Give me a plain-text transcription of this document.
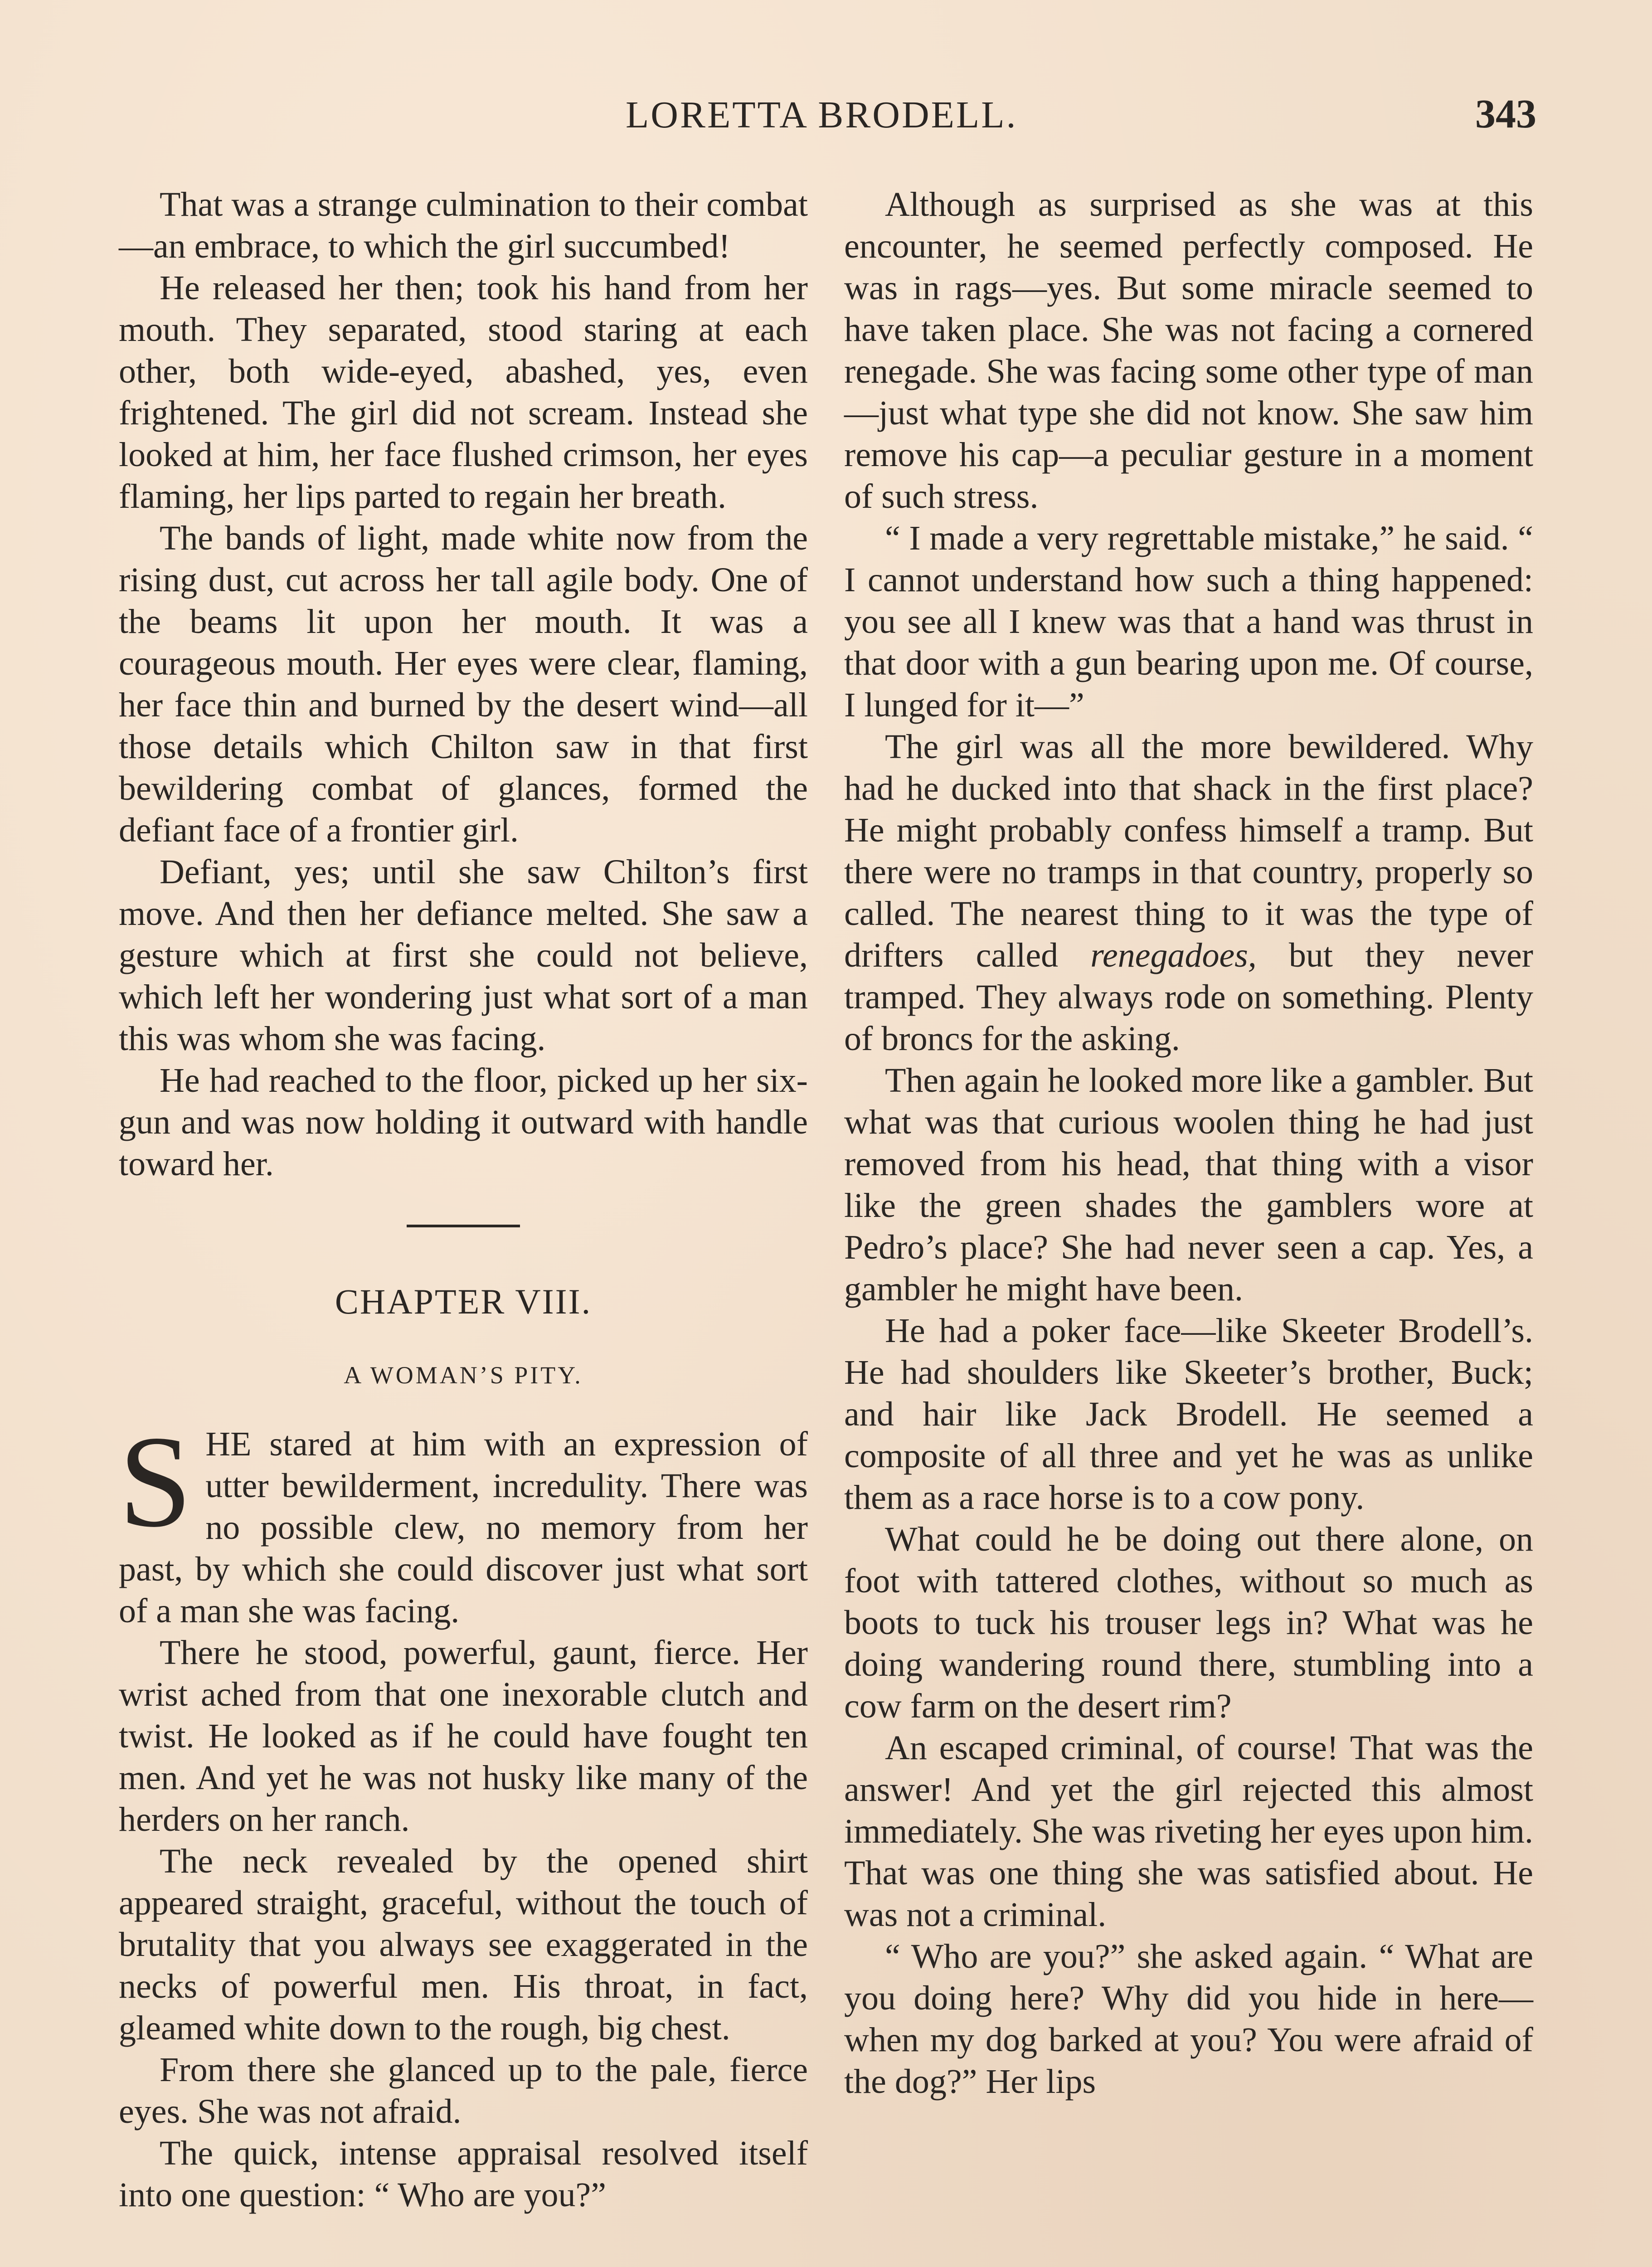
LORETTA BRODELL.	343

That was a strange culmination to their combat—an embrace, to which the girl succumbed!

He released her then; took his hand from her mouth. They separated, stood staring at each other, both wide-eyed, abashed, yes, even frightened. The girl did not scream. Instead she looked at him, her face flushed crimson, her eyes flaming, her lips parted to regain her breath.

The bands of light, made white now from the rising dust, cut across her tall agile body. One of the beams lit upon her mouth. It was a courageous mouth. Her eyes were clear, flaming, her face thin and burned by the desert wind—all those details which Chilton saw in that first bewildering combat of glances, formed the defiant face of a frontier girl.

Defiant, yes; until she saw Chilton’s first move. And then her defiance melted. She saw a gesture which at first she could not believe, which left her wondering just what sort of a man this was whom she was facing.

He had reached to the floor, picked up her six-gun and was now holding it outward with handle toward her.

CHAPTER VIII.
A WOMAN’S PITY.

SHE stared at him with an expression of utter bewilderment, incredulity. There was no possible clew, no memory from her past, by which she could discover just what sort of a man she was facing.

There he stood, powerful, gaunt, fierce. Her wrist ached from that one inexorable clutch and twist. He looked as if he could have fought ten men. And yet he was not husky like many of the herders on her ranch.

The neck revealed by the opened shirt appeared straight, graceful, without the touch of brutality that you always see exaggerated in the necks of powerful men. His throat, in fact, gleamed white down to the rough, big chest.

From there she glanced up to the pale, fierce eyes. She was not afraid.

The quick, intense appraisal resolved itself into one question: “ Who are you?”

Although as surprised as she was at this encounter, he seemed perfectly composed. He was in rags—yes. But some miracle seemed to have taken place. She was not facing a cornered renegade. She was facing some other type of man—just what type she did not know. She saw him remove his cap—a peculiar gesture in a moment of such stress.

“ I made a very regrettable mistake,” he said. “ I cannot understand how such a thing happened: you see all I knew was that a hand was thrust in that door with a gun bearing upon me. Of course, I lunged for it—”

The girl was all the more bewildered. Why had he ducked into that shack in the first place? He might probably confess himself a tramp. But there were no tramps in that country, properly so called. The nearest thing to it was the type of drifters called renegadoes, but they never tramped. They always rode on something. Plenty of broncs for the asking.

Then again he looked more like a gambler. But what was that curious woolen thing he had just removed from his head, that thing with a visor like the green shades the gamblers wore at Pedro’s place? She had never seen a cap. Yes, a gambler he might have been.

He had a poker face—like Skeeter Brodell’s. He had shoulders like Skeeter’s brother, Buck; and hair like Jack Brodell. He seemed a composite of all three and yet he was as unlike them as a race horse is to a cow pony.

What could he be doing out there alone, on foot with tattered clothes, without so much as boots to tuck his trouser legs in? What was he doing wandering round there, stumbling into a cow farm on the desert rim?

An escaped criminal, of course! That was the answer! And yet the girl rejected this almost immediately. She was riveting her eyes upon him. That was one thing she was satisfied about. He was not a criminal.

“ Who are you?” she asked again. “ What are you doing here? Why did you hide in here—when my dog barked at you? You were afraid of the dog?” Her lips
